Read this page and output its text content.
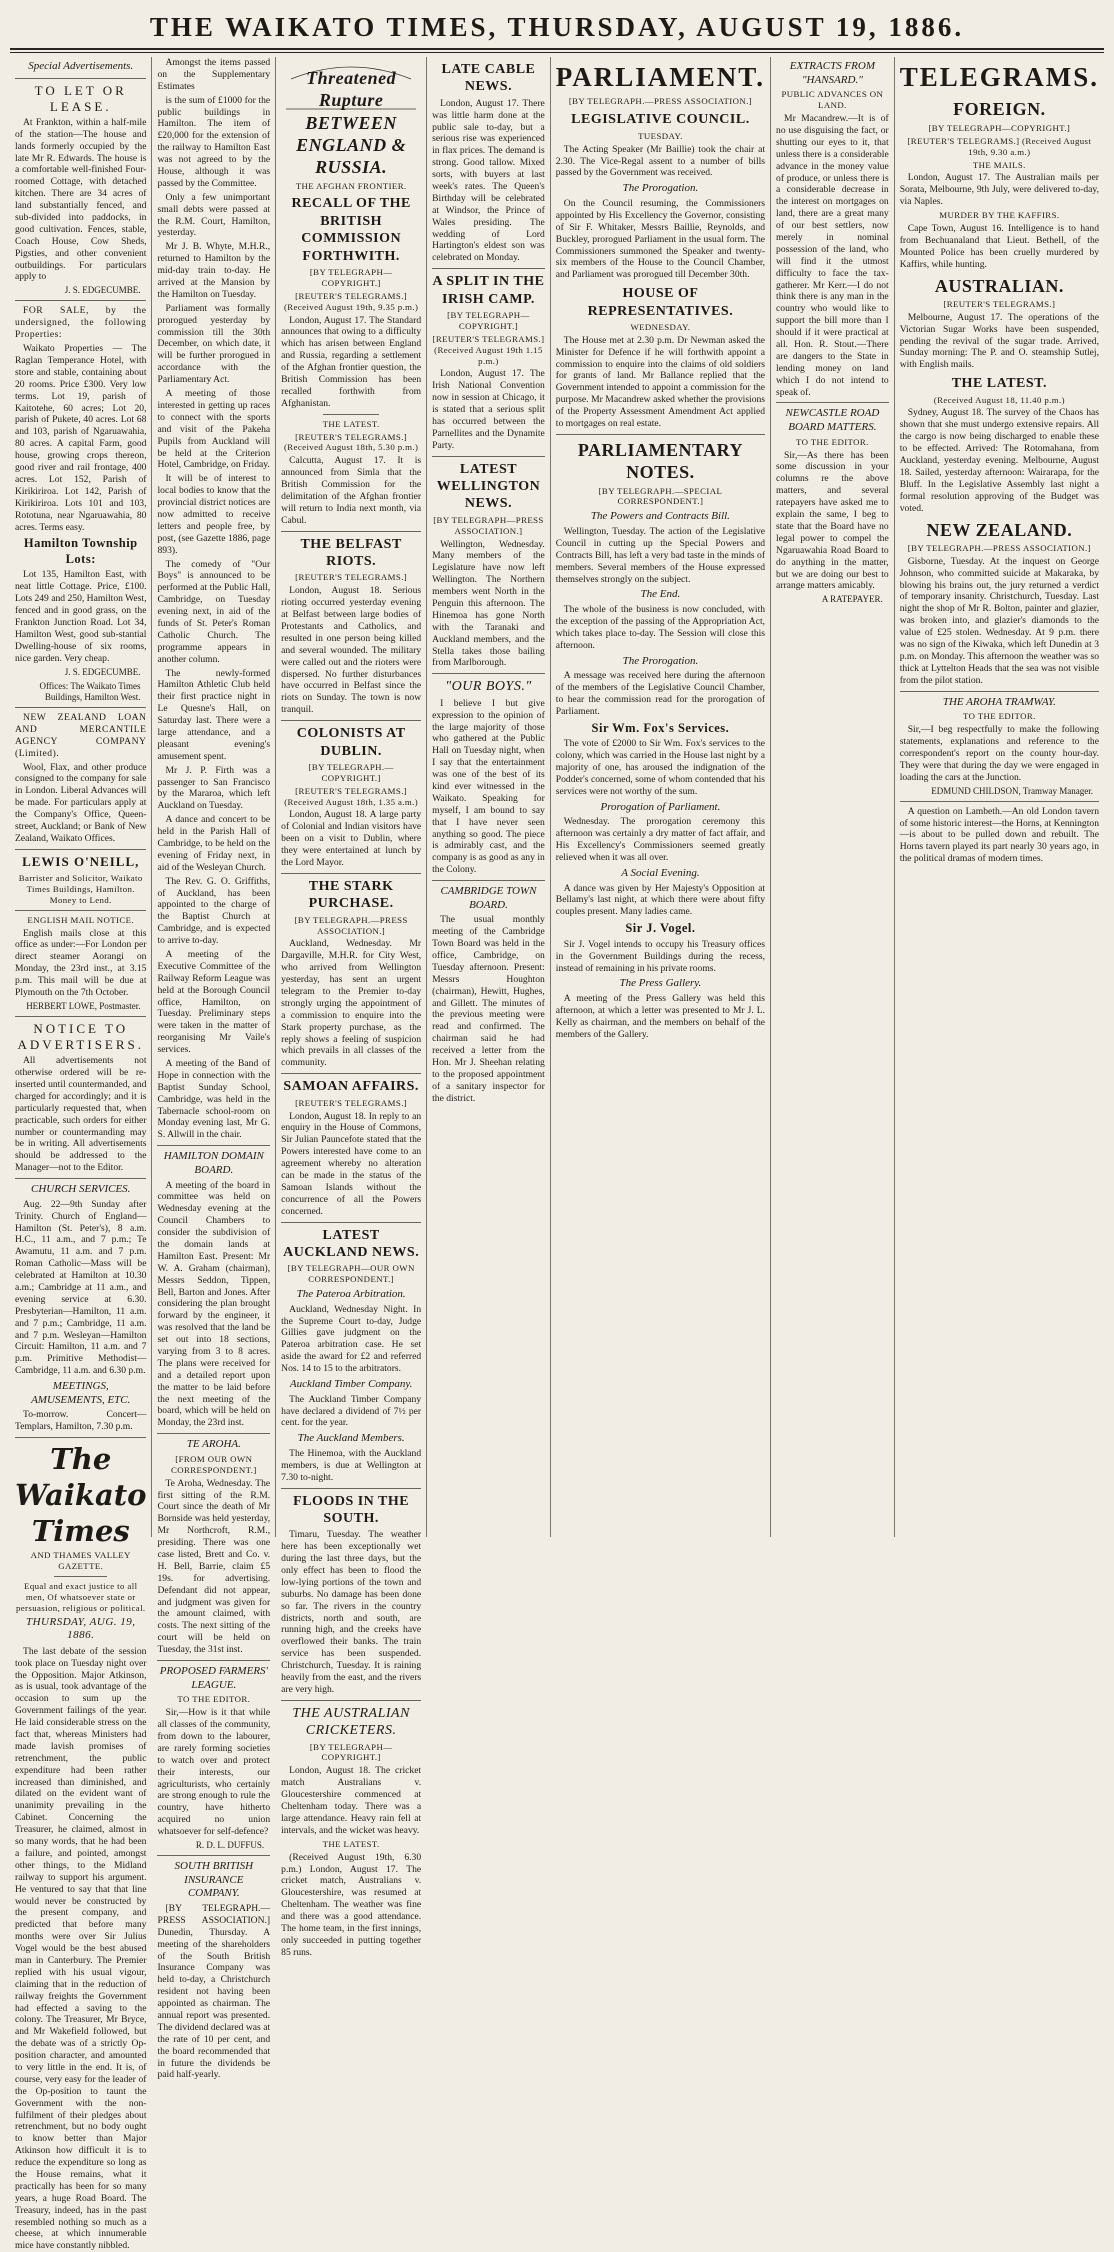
THE WAIKATO TIMES, THURSDAY, AUGUST 19, 1886.
Special Advertisements.
TO LET OR LEASE.

At Frankton, within a half-mile of the station—The house and lands formerly occupied by the late Mr R. Edwards. The house is a comfortable well-finished Four-roomed Cottage, with detached kitchen. There are 34 acres of land substantially fenced, and sub-divided into paddocks, in good cultivation. Fences, stable, Coach House, Cow Sheds, Pigsties, and other convenient outbuildings. For particulars apply to

J. S. EDGECUMBE.

FOR SALE, by the undersigned, the following Properties:

Waikato Properties — The Raglan Temperance Hotel, with store and stable, containing about 20 rooms. Price £300. Very low terms. Lot 19, parish of Kaitotehe, 60 acres; Lot 20, parish of Pukete, 40 acres. Lot 68 and 103, parish of Ngaruawahia, 80 acres. A capital Farm, good house, growing crops thereon, good river and rail frontage, 400 acres. Lot 152, Parish of Kirikiriroa. Lot 142, Parish of Kirikiriroa. Lots 101 and 103, Rototuna, near Ngaruawahia, 80 acres. Terms easy.

Hamilton Township Lots:

Lot 135, Hamilton East, with neat little Cottage. Price, £100. Lots 249 and 250, Hamilton West, fenced and in good grass, on the Frankton Junction Road. Lot 34, Hamilton West, good sub-stantial Dwelling-house of six rooms, nice garden. Very cheap.

J. S. EDGECUMBE.
Offices: The Waikato Times Buildings, Hamilton West.

NEW ZEALAND LOAN AND MERCANTILE AGENCY COMPANY (Limited).

Wool, Flax, and other produce consigned to the company for sale in London. Liberal Advances will be made. For particulars apply at the Company's Office, Queen-street, Auckland; or Bank of New Zealand, Waikato Offices.

LEWIS O'NEILL,
Barrister and Solicitor, Waikato Times Buildings, Hamilton. Money to Lend.
ENGLISH MAIL NOTICE.

English mails close at this office as under:—For London per direct steamer Aorangi on Monday, the 23rd inst., at 3.15 p.m. This mail will be due at Plymouth on the 7th October.

HERBERT LOWE, Postmaster.
NOTICE TO ADVERTISERS.

All advertisements not otherwise ordered will be re-inserted until countermanded, and charged for accordingly; and it is particularly requested that, when practicable, such orders for either number or countermanding may be in writing. All advertisements should be addressed to the Manager—not to the Editor.

CHURCH SERVICES.

Aug. 22—9th Sunday after Trinity. Church of England—Hamilton (St. Peter's), 8 a.m. H.C., 11 a.m., and 7 p.m.; Te Awamutu, 11 a.m. and 7 p.m. Roman Catholic—Mass will be celebrated at Hamilton at 10.30 a.m.; Cambridge at 11 a.m., and evening service at 6.30. Presbyterian—Hamilton, 11 a.m. and 7 p.m.; Cambridge, 11 a.m. and 7 p.m. Wesleyan—Hamilton Circuit: Hamilton, 11 a.m. and 7 p.m. Primitive Methodist—Cambridge, 11 a.m. and 6.30 p.m.

MEETINGS, AMUSEMENTS, ETC.

To-morrow. Concert—Templars, Hamilton, 7.30 p.m.

The Waikato Times
AND THAMES VALLEY GAZETTE.
Equal and exact justice to all men, Of whatsoever state or persuasion, religious or political.
THURSDAY, AUG. 19, 1886.

The last debate of the session took place on Tuesday night over the Opposition. Major Atkinson, as is usual, took advantage of the occasion to sum up the Government failings of the year. He laid considerable stress on the fact that, whereas Ministers had made lavish promises of retrenchment, the public expenditure had been rather increased than diminished, and dilated on the evident want of unanimity prevailing in the Cabinet. Concerning the Treasurer, he claimed, almost in so many words, that he had been a failure, and pointed, amongst other things, to the Midland railway to support his argument. He ventured to say that that line would never be constructed by the present company, and predicted that before many months were over Sir Julius Vogel would be the best abused man in Canterbury. The Premier replied with his usual vigour, claiming that in the reduction of railway freights the Government had effected a saving to the colony. The Treasurer, Mr Bryce, and Mr Wakefield followed, but the debate was of a strictly Op-position character, and amounted to very little in the end. It is, of course, very easy for the leader of the Op-position to taunt the Government with the non-fulfilment of their pledges about retrenchment, but no body ought to know better than Major Atkinson how difficult it is to reduce the expenditure so long as the House remains, what it practically has been for so many years, a huge Road Board. The Treasury, indeed, has in the past resembled nothing so much as a cheese, at which innumerable mice have constantly nibbled.

Amongst the items passed on the Supplementary Estimates

is the sum of £1000 for the public buildings in Hamilton. The item of £20,000 for the extension of the railway to Hamilton East was not agreed to by the House, although it was passed by the Committee.

Only a few unimportant small debts were passed at the R.M. Court, Hamilton, yesterday.

Mr J. B. Whyte, M.H.R., returned to Hamilton by the mid-day train to-day. He arrived at the Mansion by the Hamilton on Tuesday.

Parliament was formally prorogued yesterday by commission till the 30th December, on which date, it will be further prorogued in accordance with the Parliamentary Act.

A meeting of those interested in getting up races to connect with the sports and visit of the Pakeha Pupils from Auckland will be held at the Criterion Hotel, Cambridge, on Friday.

It will be of interest to local bodies to know that the provincial district notices are now admitted to receive letters and people free, by post, (see Gazette 1886, page 893).

The comedy of "Our Boys" is announced to be performed at the Public Hall, Cambridge, on Tuesday evening next, in aid of the funds of St. Peter's Roman Catholic Church. The programme appears in another column.

The newly-formed Hamilton Athletic Club held their first practice night in Le Quesne's Hall, on Saturday last. There were a large attendance, and a pleasant evening's amusement spent.

Mr J. P. Firth was a passenger to San Francisco by the Mararoa, which left Auckland on Tuesday.

A dance and concert to be held in the Parish Hall of Cambridge, to be held on the evening of Friday next, in aid of the Wesleyan Church.

The Rev. G. O. Griffiths, of Auckland, has been appointed to the charge of the Baptist Church at Cambridge, and is expected to arrive to-day.

A meeting of the Executive Committee of the Railway Reform League was held at the Borough Council office, Hamilton, on Tuesday. Preliminary steps were taken in the matter of reorganising Mr Vaile's services.

A meeting of the Band of Hope in connection with the Baptist Sunday School, Cambridge, was held in the Tabernacle school-room on Monday evening last, Mr G. S. Allwill in the chair.

HAMILTON DOMAIN BOARD.

A meeting of the board in committee was held on Wednesday evening at the Council Chambers to consider the subdivision of the domain lands at Hamilton East. Present: Mr W. A. Graham (chairman), Messrs Seddon, Tippen, Bell, Barton and Jones. After considering the plan brought forward by the engineer, it was resolved that the land be set out into 18 sections, varying from 3 to 8 acres. The plans were received for and a detailed report upon the matter to be laid before the next meeting of the board, which will be held on Monday, the 23rd inst.

TE AROHA.
[FROM OUR OWN CORRESPONDENT.]

Te Aroha, Wednesday. The first sitting of the R.M. Court since the death of Mr Bornside was held yesterday, Mr Northcroft, R.M., presiding. There was one case listed, Brett and Co. v. H. Bell, Barrie, claim £5 19s. for advertising. Defendant did not appear, and judgment was given for the amount claimed, with costs. The next sitting of the court will be held on Tuesday, the 31st inst.

PROPOSED FARMERS' LEAGUE.
TO THE EDITOR.

Sir,—How is it that while all classes of the community, from down to the labourer, are rarely forming societies to watch over and protect their interests, our agriculturists, who certainly are strong enough to rule the country, have hitherto acquired no union whatsoever for self-defence?

R. D. L. DUFFUS.
SOUTH BRITISH INSURANCE COMPANY.

[BY TELEGRAPH.—PRESS ASSOCIATION.] Dunedin, Thursday. A meeting of the shareholders of the South British Insurance Company was held to-day, a Christchurch resident not having been appointed as chairman. The annual report was presented. The dividend declared was at the rate of 10 per cent, and the board recommended that in future the dividends be paid half-yearly.

Threatened Rupture BETWEEN ENGLAND & RUSSIA.
THE AFGHAN FRONTIER.
RECALL OF THE BRITISH COMMISSION FORTHWITH.
[BY TELEGRAPH—COPYRIGHT.]
[REUTER'S TELEGRAMS.] (Received August 19th, 9.35 p.m.)

London, August 17. The Standard announces that owing to a difficulty which has arisen between England and Russia, regarding a settlement of the Afghan frontier question, the British Commission has been recalled forthwith from Afghanistan.

THE LATEST.
[REUTER'S TELEGRAMS.] (Received August 18th, 5.30 p.m.)

Calcutta, August 17. It is announced from Simla that the British Commission for the delimitation of the Afghan frontier will return to India next month, via Cabul.

THE BELFAST RIOTS.
[REUTER'S TELEGRAMS.]

London, August 18. Serious rioting occurred yesterday evening at Belfast between large bodies of Protestants and Catholics, and resulted in one person being killed and several wounded. The military were called out and the rioters were dispersed. No further disturbances have occurred in Belfast since the riots on Sunday. The town is now tranquil.

COLONISTS AT DUBLIN.
[BY TELEGRAPH.—COPYRIGHT.]
[REUTER'S TELEGRAMS.] (Received August 18th, 1.35 a.m.)

London, August 18. A large party of Colonial and Indian visitors have been on a visit to Dublin, where they were entertained at lunch by the Lord Mayor.

THE STARK PURCHASE.
[BY TELEGRAPH.—PRESS ASSOCIATION.]

Auckland, Wednesday. Mr Dargaville, M.H.R. for City West, who arrived from Wellington yesterday, has sent an urgent telegram to the Premier to-day strongly urging the appointment of a commission to enquire into the Stark property purchase, as the reply shows a feeling of suspicion which prevails in all classes of the community.

SAMOAN AFFAIRS.
[REUTER'S TELEGRAMS.]

London, August 18. In reply to an enquiry in the House of Commons, Sir Julian Pauncefote stated that the Powers interested have come to an agreement whereby no alteration can be made in the status of the Samoan Islands without the concurrence of all the Powers concerned.

LATEST AUCKLAND NEWS.
[BY TELEGRAPH—OUR OWN CORRESPONDENT.]
The Pateroa Arbitration.

Auckland, Wednesday Night. In the Supreme Court to-day, Judge Gillies gave judgment on the Pateroa arbitration case. He set aside the award for £2 and referred Nos. 14 to 15 to the arbitrators.

Auckland Timber Company.

The Auckland Timber Company have declared a dividend of 7½ per cent. for the year.

The Auckland Members.

The Hinemoa, with the Auckland members, is due at Wellington at 7.30 to-night.

FLOODS IN THE SOUTH.

Timaru, Tuesday. The weather here has been exceptionally wet during the last three days, but the only effect has been to flood the low-lying portions of the town and suburbs. No damage has been done so far. The rivers in the country districts, north and south, are running high, and the creeks have overflowed their banks. The train service has been suspended. Christchurch, Tuesday. It is raining heavily from the east, and the rivers are very high.

THE AUSTRALIAN CRICKETERS.
[BY TELEGRAPH—COPYRIGHT.]

London, August 18. The cricket match Australians v. Gloucestershire commenced at Cheltenham today. There was a large attendance. Heavy rain fell at intervals, and the wicket was heavy.

THE LATEST.

(Received August 19th, 6.30 p.m.) London, August 17. The cricket match, Australians v. Gloucestershire, was resumed at Cheltenham. The weather was fine and there was a good attendance. The home team, in the first innings, only succeeded in putting together 85 runs.

LATE CABLE NEWS.

London, August 17. There was little harm done at the public sale to-day, but a serious rise was experienced in flax prices. The demand is strong. Good tallow. Mixed sorts, with buyers at last week's rates. The Queen's Birthday will be celebrated at Windsor, the Prince of Wales presiding. The wedding of Lord Hartington's eldest son was celebrated on Monday.

A SPLIT IN THE IRISH CAMP.
[BY TELEGRAPH—COPYRIGHT.]
[REUTER'S TELEGRAMS.] (Received August 19th 1.15 p.m.)

London, August 17. The Irish National Convention now in session at Chicago, it is stated that a serious split has occurred between the Parnellites and the Dynamite Party.

LATEST WELLINGTON NEWS.
[BY TELEGRAPH—PRESS ASSOCIATION.]

Wellington, Wednesday. Many members of the Legislature have now left Wellington. The Northern members went North in the Penguin this afternoon. The Hinemoa has gone North with the Taranaki and Auckland members, and the Stella takes those bailing from Marlborough.

"OUR BOYS."

I believe I but give expression to the opinion of the large majority of those who gathered at the Public Hall on Tuesday night, when I say that the entertainment was one of the best of its kind ever witnessed in the Waikato. Speaking for myself, I am bound to say that I have never seen anything so good. The piece is admirably cast, and the company is as good as any in the Colony.

CAMBRIDGE TOWN BOARD.

The usual monthly meeting of the Cambridge Town Board was held in the office, Cambridge, on Tuesday afternoon. Present: Messrs Houghton (chairman), Hewitt, Hughes, and Gillett. The minutes of the previous meeting were read and confirmed. The chairman said he had received a letter from the Hon. Mr J. Sheehan relating to the proposed appointment of a sanitary inspector for the district.

PARLIAMENT.
[BY TELEGRAPH.—PRESS ASSOCIATION.]
LEGISLATIVE COUNCIL.
TUESDAY.

The Acting Speaker (Mr Baillie) took the chair at 2.30. The Vice-Regal assent to a number of bills passed by the Government was received.

The Prorogation.

On the Council resuming, the Commissioners appointed by His Excellency the Governor, consisting of Sir F. Whitaker, Messrs Baillie, Reynolds, and Buckley, prorogued Parliament in the usual form. The Commissioners summoned the Speaker and twenty-six members of the House to the Council Chamber, and Parliament was prorogued till December 30th.

HOUSE OF REPRESENTATIVES.
WEDNESDAY.

The House met at 2.30 p.m. Dr Newman asked the Minister for Defence if he will forthwith appoint a commission to enquire into the claims of old soldiers for grants of land. Mr Ballance replied that the Government intended to appoint a commission for the purpose. Mr Macandrew asked whether the provisions of the Property Assessment Amendment Act applied to mortgages on real estate.

PARLIAMENTARY NOTES.
[BY TELEGRAPH.—SPECIAL CORRESPONDENT.]
The Powers and Contracts Bill.

Wellington, Tuesday. The action of the Legislative Council in cutting up the Special Powers and Contracts Bill, has left a very bad taste in the minds of members. Several members of the House expressed themselves strongly on the subject.

The End.

The whole of the business is now concluded, with the exception of the passing of the Appropriation Act, which takes place to-day. The Session will close this afternoon.

The Prorogation.

A message was received here during the afternoon of the members of the Legislative Council Chamber, to hear the commission read for the prorogation of Parliament.

Sir Wm. Fox's Services.

The vote of £2000 to Sir Wm. Fox's services to the colony, which was carried in the House last night by a majority of one, has aroused the indignation of the Podder's concerned, some of whom contended that his services were not worthy of the sum.

Prorogation of Parliament.

Wednesday. The prorogation ceremony this afternoon was certainly a dry matter of fact affair, and His Excellency's Commissioners seemed greatly relieved when it was all over.

A Social Evening.

A dance was given by Her Majesty's Opposition at Bellamy's last night, at which there were about fifty couples present. Many ladies came.

Sir J. Vogel.

Sir J. Vogel intends to occupy his Treasury offices in the Government Buildings during the recess, instead of remaining in his private rooms.

The Press Gallery.

A meeting of the Press Gallery was held this afternoon, at which a letter was presented to Mr J. L. Kelly as chairman, and the members on behalf of the members of the Gallery.

EXTRACTS FROM "HANSARD."
PUBLIC ADVANCES ON LAND.

Mr Macandrew.—It is of no use disguising the fact, or shutting our eyes to it, that unless there is a considerable advance in the money value of produce, or unless there is a considerable decrease in the interest on mortgages on land, there are a great many of our best settlers, now merely in nominal possession of the land, who will find it the utmost difficulty to face the tax-gatherer. Mr Kerr.—I do not think there is any man in the country who would like to support the bill more than I should if it were practical at all. Hon. R. Stout.—There are dangers to the State in lending money on land which I do not intend to speak of.

NEWCASTLE ROAD BOARD MATTERS.
TO THE EDITOR.

Sir,—As there has been some discussion in your columns re the above matters, and several ratepayers have asked me to explain the same, I beg to state that the Board have no legal power to compel the Ngaruawahia Road Board to do anything in the matter, but we are doing our best to arrange matters amicably.

A RATEPAYER.
TELEGRAMS.
FOREIGN.
[BY TELEGRAPH—COPYRIGHT.]
[REUTER'S TELEGRAMS.] (Received August 19th, 9.30 a.m.)
THE MAILS.

London, August 17. The Australian mails per Sorata, Melbourne, 9th July, were delivered to-day, via Naples.

MURDER BY THE KAFFIRS.

Cape Town, August 16. Intelligence is to hand from Bechuanaland that Lieut. Bethell, of the Mounted Police has been cruelly murdered by Kaffirs, while hunting.

AUSTRALIAN.
[REUTER'S TELEGRAMS.]

Melbourne, August 17. The operations of the Victorian Sugar Works have been suspended, pending the revival of the sugar trade. Arrived, Sunday morning: The P. and O. steamship Sutlej, with English mails.

THE LATEST.
(Received August 18, 11.40 p.m.)

Sydney, August 18. The survey of the Chaos has shown that she must undergo extensive repairs. All the cargo is now being discharged to enable these to be effected. Arrived: The Rotomahana, from Auckland, yesterday evening. Melbourne, August 18. Sailed, yesterday afternoon: Wairarapa, for the Bluff. In the Legislative Assembly last night a formal resolution approving of the Budget was voted.

NEW ZEALAND.
[BY TELEGRAPH.—PRESS ASSOCIATION.]

Gisborne, Tuesday. At the inquest on George Johnson, who committed suicide at Makaraka, by blowing his brains out, the jury returned a verdict of temporary insanity. Christchurch, Tuesday. Last night the shop of Mr R. Bolton, painter and glazier, was broken into, and glazier's diamonds to the value of £25 stolen. Wednesday. At 9 p.m. there was no sign of the Kiwaka, which left Dunedin at 3 p.m. on Monday. This afternoon the weather was so thick at Lyttelton Heads that the sea was not visible from the pilot station.

THE AROHA TRAMWAY.
TO THE EDITOR.

Sir,—I beg respectfully to make the following statements, explanations and reference to the correspondent's report on the county hour-day. They were that during the day we were engaged in loading the cars at the Junction.

EDMUND CHILDSON, Tramway Manager.

A question on Lambeth.—An old London tavern of some historic interest—the Horns, at Kennington—is about to be pulled down and rebuilt. The Horns tavern played its part nearly 30 years ago, in the political dramas of modern times.
